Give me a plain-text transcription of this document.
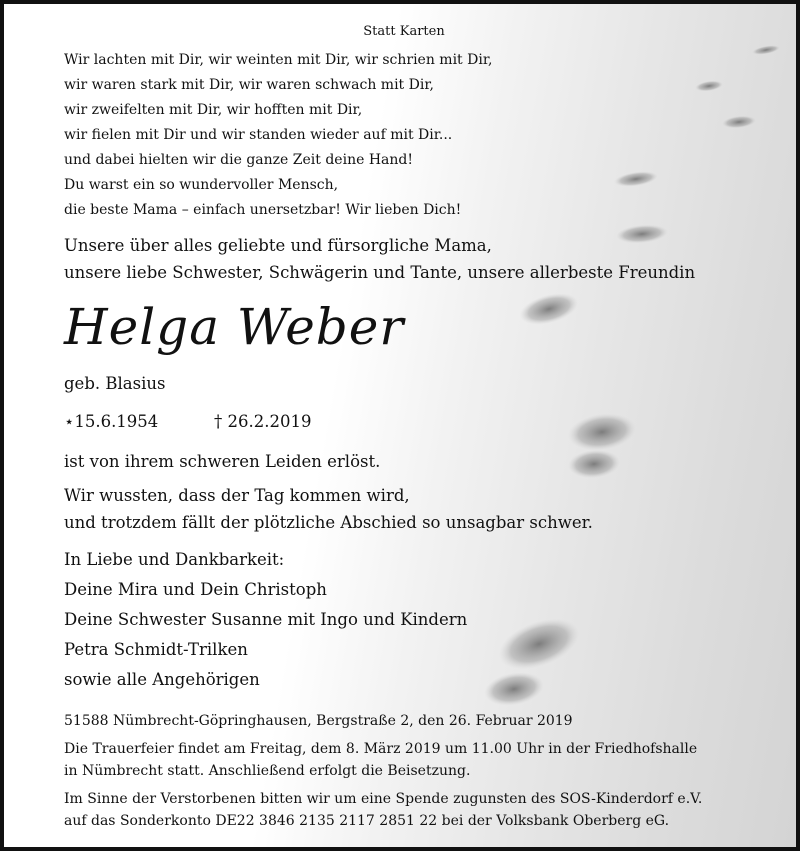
Statt Karten

Wir lachten mit Dir, wir weinten mit Dir, wir schrien mit Dir,

wir waren stark mit Dir, wir waren schwach mit Dir,

wir zweifelten mit Dir, wir hofften mit Dir,

wir fielen mit Dir und wir standen wieder auf mit Dir...

und dabei hielten wir die ganze Zeit deine Hand!

Du warst ein so wundervoller Mensch,

die beste Mama – einfach unersetzbar! Wir lieben Dich!

Unsere über alles geliebte und fürsorgliche Mama,

unsere liebe Schwester, Schwägerin und Tante, unsere allerbeste Freundin

Helga Weber

geb. Blasius

⋆15.6.1954	† 26.2.2019

ist von ihrem schweren Leiden erlöst.

Wir wussten, dass der Tag kommen wird,

und trotzdem fällt der plötzliche Abschied so unsagbar schwer.

In Liebe und Dankbarkeit:

Deine Mira und Dein Christoph

Deine Schwester Susanne mit Ingo und Kindern

Petra Schmidt-Trilken

sowie alle Angehörigen

51588 Nümbrecht-Göpringhausen, Bergstraße 2, den 26. Februar 2019

Die Trauerfeier findet am Freitag, dem 8. März 2019 um 11.00 Uhr in der Friedhofshalle

in Nümbrecht statt. Anschließend erfolgt die Beisetzung.

Im Sinne der Verstorbenen bitten wir um eine Spende zugunsten des SOS-Kinderdorf e.V.

auf das Sonderkonto DE22 3846 2135 2117 2851 22 bei der Volksbank Oberberg eG.
